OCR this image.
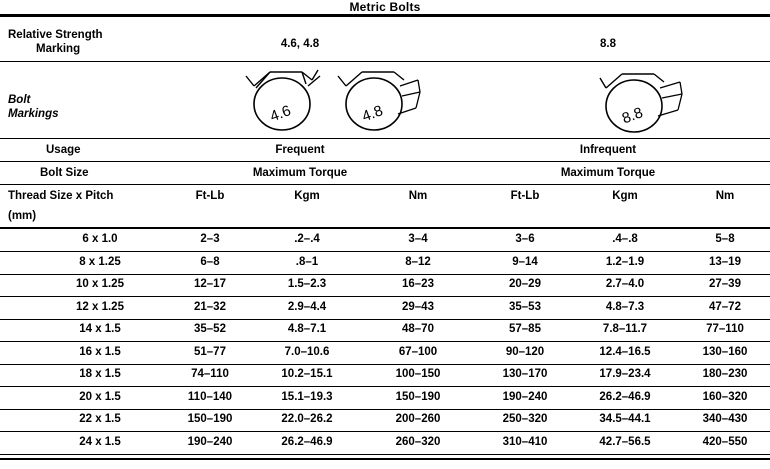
Metric Bolts
Relative Strength
Marking	4.6, 4.8	8.8
Bolt
Markings	4.6	4.8	8.8
Usage	Frequent	Infrequent
Bolt Size	Maximum Torque	Maximum Torque
Thread Size x Pitch
(mm)
Ft-Lb	Kgm	Nm	Ft-Lb	Kgm	Nm
6 x 1.0	2–3	.2–.4	3–4	3–6	.4–.8	5–8
8 x 1.25	6–8	.8–1	8–12	9–14	1.2–1.9	13–19
10 x 1.25	12–17	1.5–2.3	16–23	20–29	2.7–4.0	27–39
12 x 1.25	21–32	2.9–4.4	29–43	35–53	4.8–7.3	47–72
14 x 1.5	35–52	4.8–7.1	48–70	57–85	7.8–11.7	77–110
16 x 1.5	51–77	7.0–10.6	67–100	90–120	12.4–16.5	130–160
18 x 1.5	74–110	10.2–15.1	100–150	130–170	17.9–23.4	180–230
20 x 1.5	110–140	15.1–19.3	150–190	190–240	26.2–46.9	160–320
22 x 1.5	150–190	22.0–26.2	200–260	250–320	34.5–44.1	340–430
24 x 1.5	190–240	26.2–46.9	260–320	310–410	42.7–56.5	420–550
